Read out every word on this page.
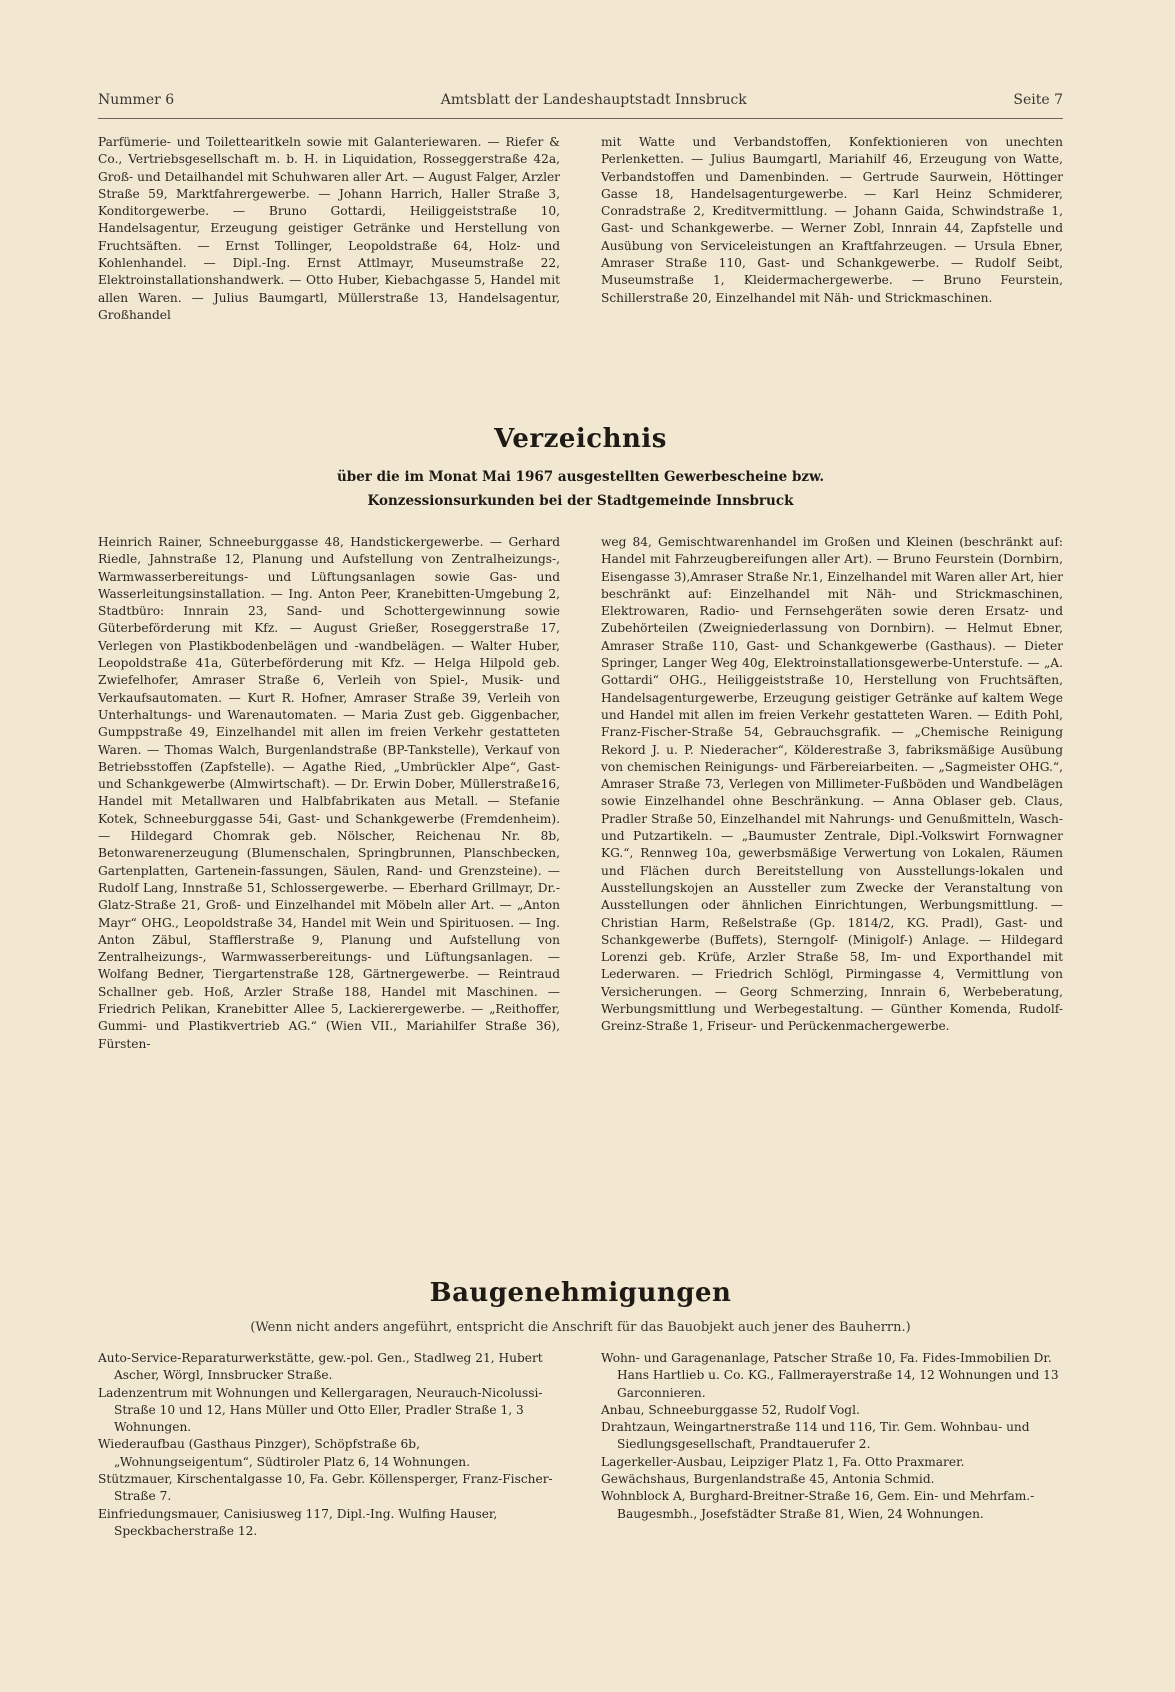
Nummer 6	Amtsblatt der Landeshauptstadt Innsbruck	Seite 7

Parfümerie- und Toilettearitkeln sowie mit Galanteriewaren. — Riefer & Co., Vertriebsgesellschaft m. b. H. in Liquidation, Rosseggerstraße 42a, Groß- und Detailhandel mit Schuhwaren aller Art. — August Falger, Arzler Straße 59, Marktfahrergewerbe. — Johann Harrich, Haller Straße 3, Konditorgewerbe. — Bruno Gottardi, Heiliggeiststraße 10, Handelsagentur, Erzeugung geistiger Getränke und Herstellung von Fruchtsäften. — Ernst Tollinger, Leopoldstraße 64, Holz- und Kohlenhandel. — Dipl.-Ing. Ernst Attlmayr, Museumstraße 22, Elektroinstallationshandwerk. — Otto Huber, Kiebachgasse 5, Handel mit allen Waren. — Julius Baumgartl, Müllerstraße 13, Handelsagentur, Großhandel

mit Watte und Verbandstoffen, Konfektionieren von unechten Perlenketten. — Julius Baumgartl, Mariahilf 46, Erzeugung von Watte, Verbandstoffen und Damenbinden. — Gertrude Saurwein, Höttinger Gasse 18, Handelsagenturgewerbe. — Karl Heinz Schmiderer, Conradstraße 2, Kreditvermittlung. — Johann Gaida, Schwindstraße 1, Gast- und Schankgewerbe. — Werner Zobl, Innrain 44, Zapfstelle und Ausübung von Serviceleistungen an Kraftfahrzeugen. — Ursula Ebner, Amraser Straße 110, Gast- und Schankgewerbe. — Rudolf Seibt, Museumstraße 1, Kleidermachergewerbe. — Bruno Feurstein, Schillerstraße 20, Einzelhandel mit Näh- und Strickmaschinen.

Verzeichnis
über die im Monat Mai 1967 ausgestellten Gewerbescheine bzw.
Konzessionsurkunden bei der Stadtgemeinde Innsbruck

Heinrich Rainer, Schneeburggasse 48, Handstickergewerbe. — Gerhard Riedle, Jahnstraße 12, Planung und Aufstellung von Zentralheizungs-, Warmwasserbereitungs- und Lüftungsanlagen sowie Gas- und Wasserleitungsinstallation. — Ing. Anton Peer, Kranebitten-Umgebung 2, Stadtbüro: Innrain 23, Sand- und Schottergewinnung sowie Güterbeförderung mit Kfz. — August Grießer, Roseggerstraße 17, Verlegen von Plastikbodenbelägen und -wandbelägen. — Walter Huber, Leopoldstraße 41a, Güterbeförderung mit Kfz. — Helga Hilpold geb. Zwiefelhofer, Amraser Straße 6, Verleih von Spiel-, Musik- und Verkaufsautomaten. — Kurt R. Hofner, Amraser Straße 39, Verleih von Unterhaltungs- und Warenautomaten. — Maria Zust geb. Giggenbacher, Gumppstraße 49, Einzelhandel mit allen im freien Verkehr gestatteten Waren. — Thomas Walch, Burgenlandstraße (BP-Tankstelle), Verkauf von Betriebsstoffen (Zapfstelle). — Agathe Ried, „Umbrückler Alpe“, Gast- und Schankgewerbe (Almwirtschaft). — Dr. Erwin Dober, Müllerstraße16, Handel mit Metallwaren und Halbfabrikaten aus Metall. — Stefanie Kotek, Schneeburggasse 54i, Gast- und Schankgewerbe (Fremdenheim). — Hildegard Chomrak geb. Nölscher, Reichenau Nr. 8b, Betonwarenerzeugung (Blumenschalen, Springbrunnen, Planschbecken, Gartenplatten, Gartenein-fassungen, Säulen, Rand- und Grenzsteine). — Rudolf Lang, Innstraße 51, Schlossergewerbe. — Eberhard Grillmayr, Dr.-Glatz-Straße 21, Groß- und Einzelhandel mit Möbeln aller Art. — „Anton Mayr“ OHG., Leopoldstraße 34, Handel mit Wein und Spirituosen. — Ing. Anton Zäbul, Stafflerstraße 9, Planung und Aufstellung von Zentralheizungs-, Warmwasserbereitungs- und Lüftungsanlagen. — Wolfang Bedner, Tiergartenstraße 128, Gärtnergewerbe. — Reintraud Schallner geb. Hoß, Arzler Straße 188, Handel mit Maschinen. — Friedrich Pelikan, Kranebitter Allee 5, Lackierergewerbe. — „Reithoffer, Gummi- und Plastikvertrieb AG.“ (Wien VII., Mariahilfer Straße 36), Fürsten-

weg 84, Gemischtwarenhandel im Großen und Kleinen (beschränkt auf: Handel mit Fahrzeugbereifungen aller Art). — Bruno Feurstein (Dornbirn, Eisengasse 3),Amraser Straße Nr.1, Einzelhandel mit Waren aller Art, hier beschränkt auf: Einzelhandel mit Näh- und Strickmaschinen, Elektrowaren, Radio- und Fernsehgeräten sowie deren Ersatz- und Zubehörteilen (Zweigniederlassung von Dornbirn). — Helmut Ebner, Amraser Straße 110, Gast- und Schankgewerbe (Gasthaus). — Dieter Springer, Langer Weg 40g, Elektroinstallationsgewerbe-Unterstufe. — „A. Gottardi“ OHG., Heiliggeiststraße 10, Herstellung von Fruchtsäften, Handelsagenturgewerbe, Erzeugung geistiger Getränke auf kaltem Wege und Handel mit allen im freien Verkehr gestatteten Waren. — Edith Pohl, Franz-Fischer-Straße 54, Gebrauchsgrafik. — „Chemische Reinigung Rekord J. u. P. Niederacher“, Kölderestraße 3, fabriksmäßige Ausübung von chemischen Reinigungs- und Färbereiarbeiten. — „Sagmeister OHG.“, Amraser Straße 73, Verlegen von Millimeter-Fußböden und Wandbelägen sowie Einzelhandel ohne Beschränkung. — Anna Oblaser geb. Claus, Pradler Straße 50, Einzelhandel mit Nahrungs- und Genußmitteln, Wasch- und Putzartikeln. — „Baumuster Zentrale, Dipl.-Volkswirt Fornwagner KG.“, Rennweg 10a, gewerbsmäßige Verwertung von Lokalen, Räumen und Flächen durch Bereitstellung von Ausstellungs-lokalen und Ausstellungskojen an Aussteller zum Zwecke der Veranstaltung von Ausstellungen oder ähnlichen Einrichtungen, Werbungsmittlung. — Christian Harm, Reßelstraße (Gp. 1814/2, KG. Pradl), Gast- und Schankgewerbe (Buffets), Sterngolf- (Minigolf-) Anlage. — Hildegard Lorenzi geb. Krüfe, Arzler Straße 58, Im- und Exporthandel mit Lederwaren. — Friedrich Schlögl, Pirmingasse 4, Vermittlung von Versicherungen. — Georg Schmerzing, Innrain 6, Werbeberatung, Werbungsmittlung und Werbegestaltung. — Günther Komenda, Rudolf-Greinz-Straße 1, Friseur- und Perückenmachergewerbe.

Baugenehmigungen
(Wenn nicht anders angeführt, entspricht die Anschrift für das Bauobjekt auch jener des Bauherrn.)

Auto-Service-Reparaturwerkstätte, gew.-pol. Gen., Stadlweg 21, Hubert Ascher, Wörgl, Innsbrucker Straße.

Ladenzentrum mit Wohnungen und Kellergaragen, Neurauch-Nicolussi-Straße 10 und 12, Hans Müller und Otto Eller, Pradler Straße 1, 3 Wohnungen.

Wiederaufbau (Gasthaus Pinzger), Schöpfstraße 6b, „Wohnungseigentum“, Südtiroler Platz 6, 14 Wohnungen.

Stützmauer, Kirschentalgasse 10, Fa. Gebr. Köllensperger, Franz-Fischer-Straße 7.

Einfriedungsmauer, Canisiusweg 117, Dipl.-Ing. Wulfing Hauser, Speckbacherstraße 12.

Wohn- und Garagenanlage, Patscher Straße 10, Fa. Fides-Immobilien Dr. Hans Hartlieb u. Co. KG., Fallmerayerstraße 14, 12 Wohnungen und 13 Garconnieren.

Anbau, Schneeburggasse 52, Rudolf Vogl.

Drahtzaun, Weingartnerstraße 114 und 116, Tir. Gem. Wohnbau- und Siedlungsgesellschaft, Prandtauerufer 2.

Lagerkeller-Ausbau, Leipziger Platz 1, Fa. Otto Praxmarer.

Gewächshaus, Burgenlandstraße 45, Antonia Schmid.

Wohnblock A, Burghard-Breitner-Straße 16, Gem. Ein- und Mehrfam.-Baugesmbh., Josefstädter Straße 81, Wien, 24 Wohnungen.
